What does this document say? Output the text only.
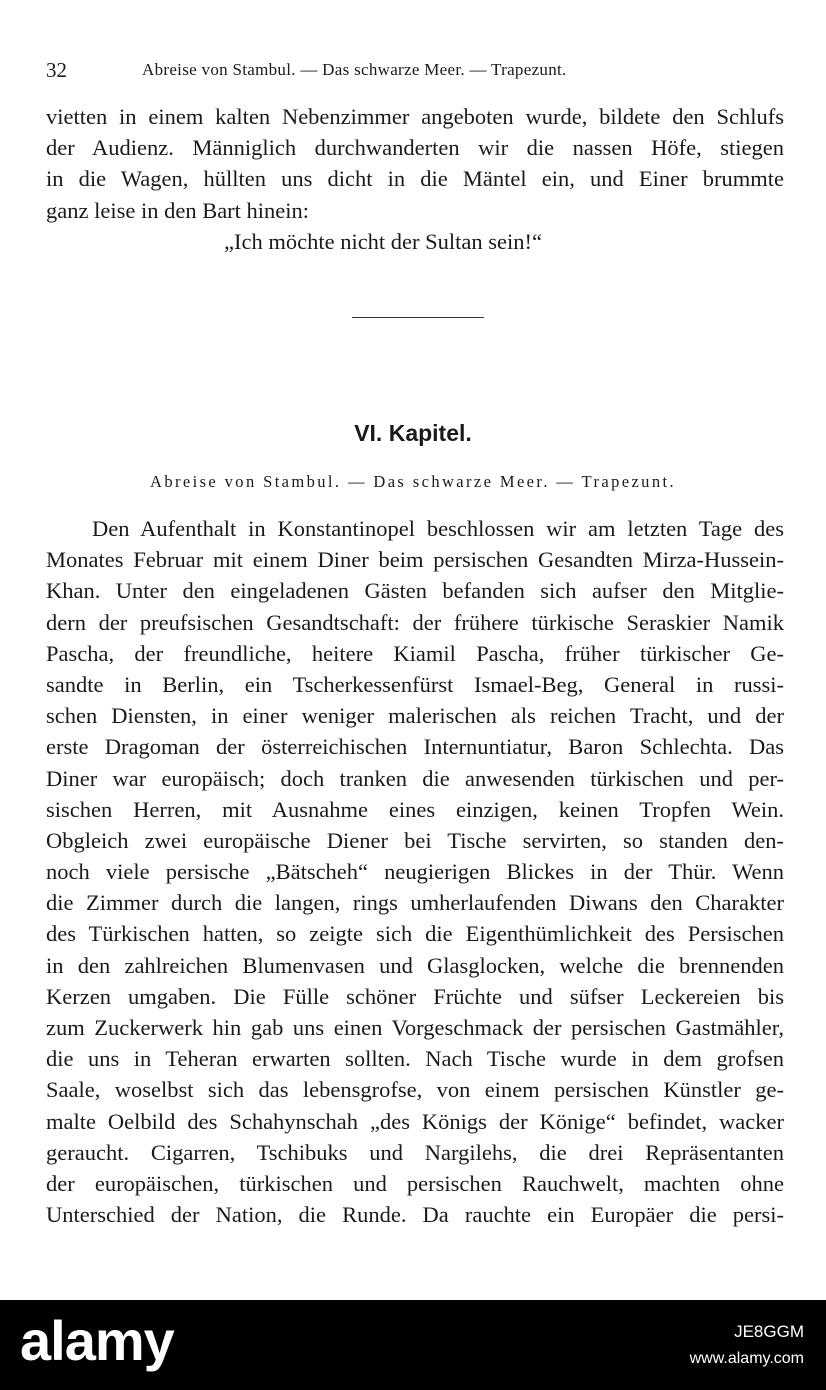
32	Abreise von Stambul. — Das schwarze Meer. — Trapezunt.
vietten in einem kalten Nebenzimmer angeboten wurde, bildete den Schlufs
der Audienz. Männiglich durchwanderten wir die nassen Höfe, stiegen
in die Wagen, hüllten uns dicht in die Mäntel ein, und Einer brummte
ganz leise in den Bart hinein:
„Ich möchte nicht der Sultan sein!“
VI. Kapitel.
Abreise von Stambul. — Das schwarze Meer. — Trapezunt.
Den Aufenthalt in Konstantinopel beschlossen wir am letzten Tage des
Monates Februar mit einem Diner beim persischen Gesandten Mirza-Hussein-
Khan. Unter den eingeladenen Gästen befanden sich aufser den Mitglie-
dern der preufsischen Gesandtschaft: der frühere türkische Seraskier Namik
Pascha, der freundliche, heitere Kiamil Pascha, früher türkischer Ge-
sandte in Berlin, ein Tscherkessenfürst Ismael-Beg, General in russi-
schen Diensten, in einer weniger malerischen als reichen Tracht, und der
erste Dragoman der österreichischen Internuntiatur, Baron Schlechta. Das
Diner war europäisch; doch tranken die anwesenden türkischen und per-
sischen Herren, mit Ausnahme eines einzigen, keinen Tropfen Wein.
Obgleich zwei europäische Diener bei Tische servirten, so standen den-
noch viele persische „Bätscheh“ neugierigen Blickes in der Thür. Wenn
die Zimmer durch die langen, rings umherlaufenden Diwans den Charakter
des Türkischen hatten, so zeigte sich die Eigenthümlichkeit des Persischen
in den zahlreichen Blumenvasen und Glasglocken, welche die brennenden
Kerzen umgaben. Die Fülle schöner Früchte und süfser Leckereien bis
zum Zuckerwerk hin gab uns einen Vorgeschmack der persischen Gastmähler,
die uns in Teheran erwarten sollten. Nach Tische wurde in dem grofsen
Saale, woselbst sich das lebensgrofse, von einem persischen Künstler ge-
malte Oelbild des Schahynschah „des Königs der Könige“ befindet, wacker
geraucht. Cigarren, Tschibuks und Nargilehs, die drei Repräsentanten
der europäischen, türkischen und persischen Rauchwelt, machten ohne
Unterschied der Nation, die Runde. Da rauchte ein Europäer die persi-
alamy	JE8GGM
www.alamy.com
